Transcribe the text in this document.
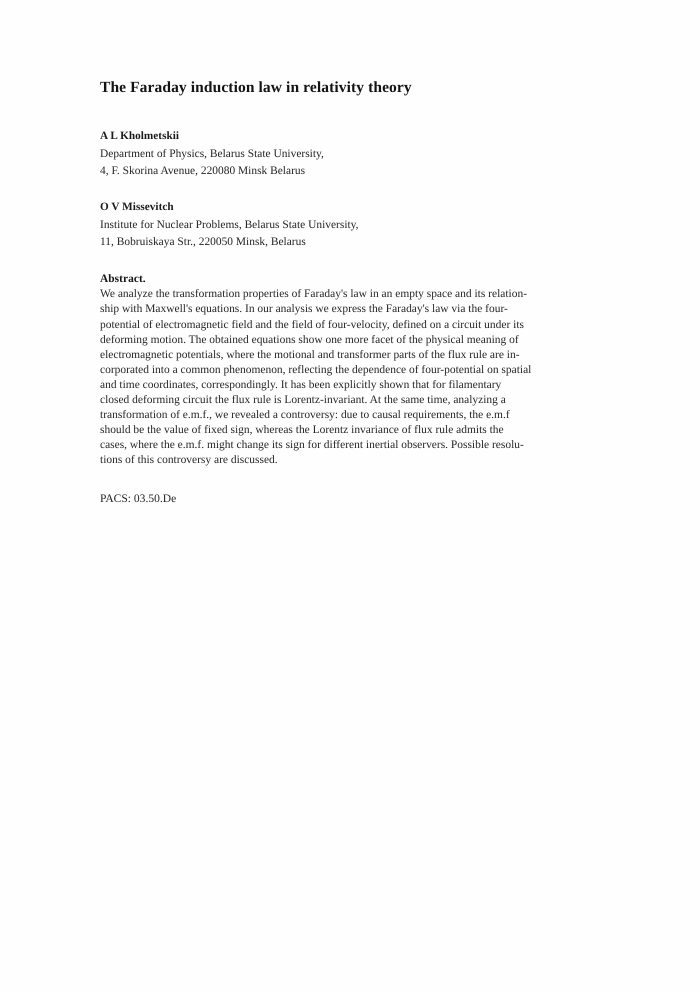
The Faraday induction law in relativity theory
A L Kholmetskii
Department of Physics, Belarus State University,
4, F. Skorina Avenue, 220080 Minsk Belarus
O V Missevitch
Institute for Nuclear Problems, Belarus State University,
11, Bobruiskaya Str., 220050 Minsk, Belarus
Abstract.
We analyze the transformation properties of Faraday's law in an empty space and its relation-
ship with Maxwell's equations. In our analysis we express the Faraday's law via the four-
potential of electromagnetic field and the field of four-velocity, defined on a circuit under its
deforming motion. The obtained equations show one more facet of the physical meaning of
electromagnetic potentials, where the motional and transformer parts of the flux rule are in-
corporated into a common phenomenon, reflecting the dependence of four-potential on spatial
and time coordinates, correspondingly. It has been explicitly shown that for filamentary
closed deforming circuit the flux rule is Lorentz-invariant. At the same time, analyzing a
transformation of e.m.f., we revealed a controversy: due to causal requirements, the e.m.f
should be the value of fixed sign, whereas the Lorentz invariance of flux rule admits the
cases, where the e.m.f. might change its sign for different inertial observers. Possible resolu-
tions of this controversy are discussed.
PACS: 03.50.De
